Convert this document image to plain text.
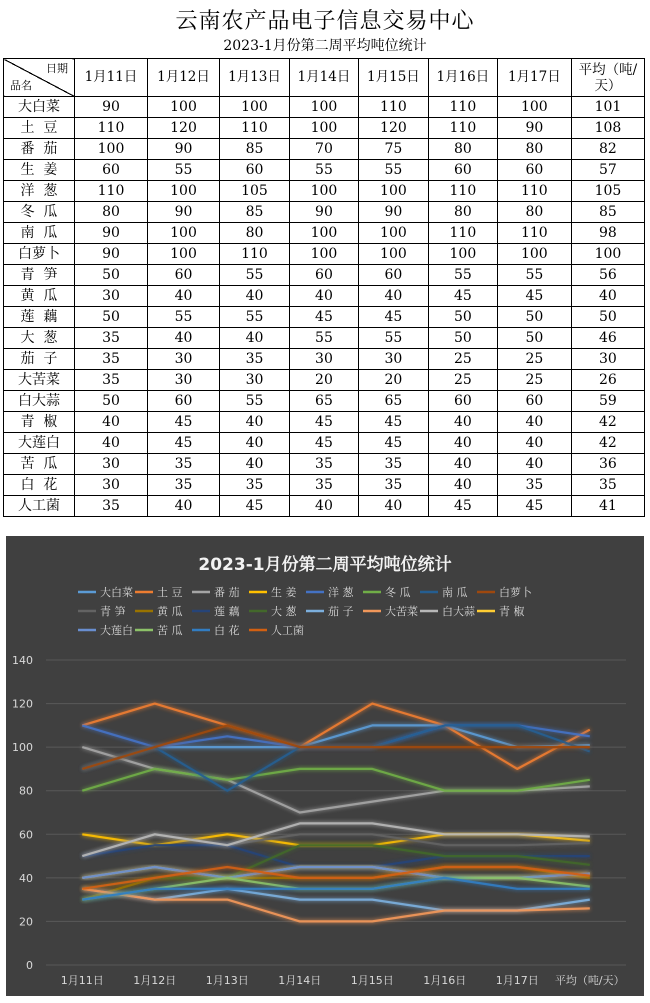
云南农产品电子信息交易中心
2023-1月份第二周平均吨位统计
日期
品名	1月11日	1月12日	1月13日	1月14日	1月15日	1月16日	1月17日	平均（吨/天）
大白菜	90	100	100	100	110	110	100	101
土  豆	110	120	110	100	120	110	90	108
番  茄	100	90	85	70	75	80	80	82
生  姜	60	55	60	55	55	60	60	57
洋  葱	110	100	105	100	100	110	110	105
冬  瓜	80	90	85	90	90	80	80	85
南  瓜	90	100	80	100	100	110	110	98
白萝卜	90	100	110	100	100	100	100	100
青  笋	50	60	55	60	60	55	55	56
黄  瓜	30	40	40	40	40	45	45	40
莲  藕	50	55	55	45	45	50	50	50
大  葱	35	40	40	55	55	50	50	46
茄  子	35	30	35	30	30	25	25	30
大苦菜	35	30	30	20	20	25	25	26
白大蒜	50	60	55	65	65	60	60	59
青  椒	40	45	40	45	45	40	40	42
大莲白	40	45	40	45	45	40	40	42
苦  瓜	30	35	40	35	35	40	40	36
白  花	30	35	35	35	35	40	35	35
人工菌	35	40	45	40	40	45	45	41
2023-1月份第二周平均吨位统计
大白菜 土 豆	番 茄	生 姜	洋 葱	冬 瓜	南 瓜	白萝卜
青 笋	黄 瓜	莲 藕	大 葱	茄 子	大苦菜 白大蒜 青 椒
大莲白 苦 瓜	白 花	人工菌
0
20
40
60
80
100
120
140
1月11日	1月12日	1月13日	1月14日	1月15日	1月16日	1月17日 平均（吨/天）
